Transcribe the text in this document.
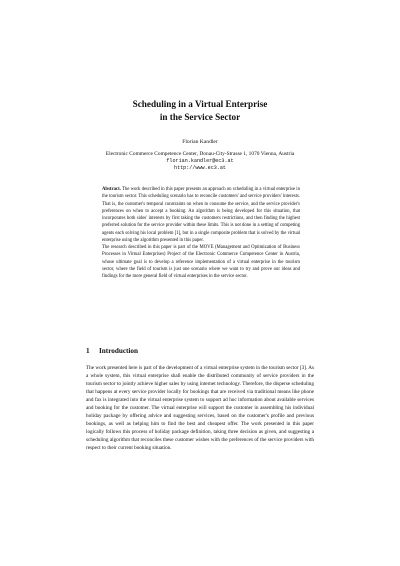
Scheduling in a Virtual Enterprise
in the Service Sector
Florian Kandler
Electronic Commerce Competence Center, Donau-City-Strasse 1, 1070 Vienna, Austria
florian.kandler@ec3.at
http://www.ec3.at

Abstract. The work described in this paper presents an approach on scheduling in a virtual enterprise in the tourism sector. This scheduling scenario has to reconcile customers' and service providers' interests. That is, the customer's temporal constraints on when to consume the service, and the service provider's preferences on when to accept a booking. An algorithm is being developed for this situation, that incorporates both sides' interests by first taking the customers restrictions, and then finding the highest preferred solution for the service provider within these limits. This is not done in a setting of competing agents each solving his local problem [1], but in a single composite problem that is solved by the virtual enterprise using the algorithm presented in this paper.

The research described in this paper is part of the MOVE (Management and Optimization of Business Processes in Virtual Enterprises) Project of the Electronic Commerce Competence Center in Austria, whose ultimate goal is to develop a reference implementation of a virtual enterprise in the tourism sector, where the field of tourism is just one scenario where we want to try and prove our ideas and findings for the more general field of virtual enterprises in the service sector.

1 Introduction

The work presented here is part of the development of a virtual enterprise system in the tourism sector [3]. As a whole system, this virtual enterprise shall enable the distributed community of service providers in the tourism sector to jointly achieve higher sales by using internet technology. Therefore, the disperse scheduling that happens at every service provider locally for bookings that are received via traditional means like phone and fax is integrated into the virtual enterprise system to support ad hoc information about available services and booking for the customer. The virtual enterprise will support the customer in assembling his individual holiday package by offering advice and suggesting services, based on the customer's profile and previous bookings, as well as helping him to find the best and cheapest offer. The work presented in this paper logically follows this process of holiday package definition, taking three decision as given, and suggesting a scheduling algorithm that reconciles these customer wishes with the preferences of the service providers with respect to their current booking situation.
